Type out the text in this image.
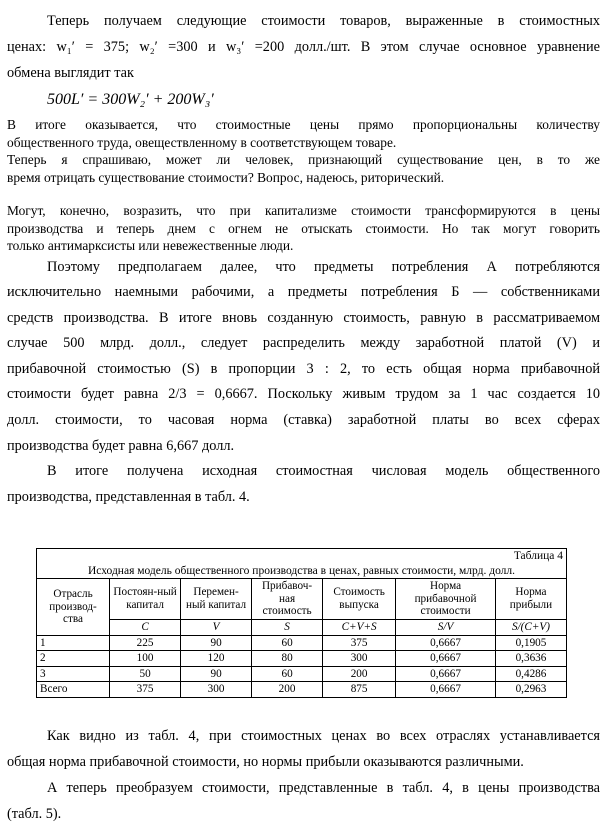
Теперь получаем следующие стоимости товаров, выраженные в стоимостных

ценах: w₁′ = 375; w₂′ =300 и w₃′ =200 долл./шт. В этом случае основное уравнение

обмена выглядит так

500L′ = 300W₂′ + 200W₃′

В итоге оказывается, что стоимостные цены прямо пропорциональны количеству

общественного труда, овеществленному в соответствующем товаре.

Теперь я спрашиваю, может ли человек, признающий существование цен, в то же

время отрицать существование стоимости? Вопрос, надеюсь, риторический.

Могут, конечно, возразить, что при капитализме стоимости трансформируются в цены

производства и теперь днем с огнем не отыскать стоимости. Но так могут говорить

только антимарксисты или невежественные люди.

Поэтому предполагаем далее, что предметы потребления А потребляются

исключительно наемными рабочими, а предметы потребления Б — собственниками

средств производства. В итоге вновь созданную стоимость, равную в рассматриваемом

случае 500 млрд. долл., следует распределить между заработной платой (V) и

прибавочной стоимостью (S) в пропорции 3 : 2, то есть общая норма прибавочной

стоимости будет равна 2/3 = 0,6667. Поскольку живым трудом за 1 час создается 10

долл. стоимости, то часовая норма (ставка) заработной платы во всех сферах

производства будет равна 6,667 долл.

В итоге получена исходная стоимостная числовая модель общественного

производства, представленная в табл. 4.

Таблица 4						
Исходная модель общественного производства в ценах, равных стоимости, млрд. долл.						
Отрасль производ-ства	Постоян-ный капитал	Перемен-ный капитал	Прибавоч-ная стоимость	Стоимость выпуска	Норма прибавочной стоимости	Норма прибыли
	C	V	S	C+V+S	S/V	S/(C+V)
1	225	90	60	375	0,6667	0,1905
2	100	120	80	300	0,6667	0,3636
3	50	90	60	200	0,6667	0,4286
Всего	375	300	200	875	0,6667	0,2963

Как видно из табл. 4, при стоимостных ценах во всех отраслях устанавливается

общая норма прибавочной стоимости, но нормы прибыли оказываются различными.

А теперь преобразуем стоимости, представленные в табл. 4, в цены производства

(табл. 5).
